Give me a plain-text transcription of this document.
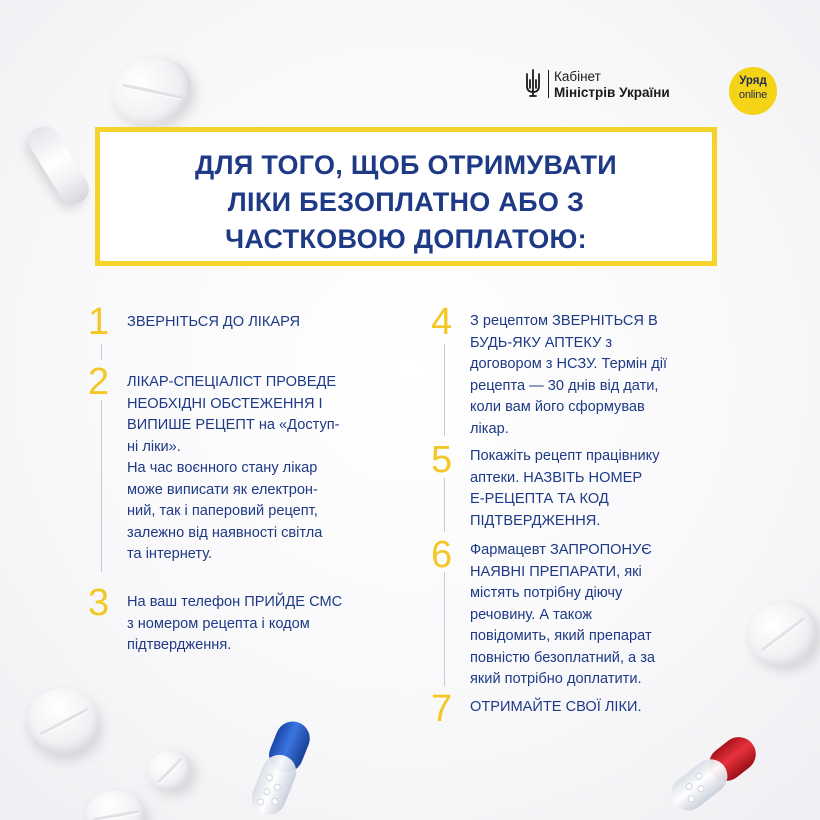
Кабінет
Міністрів України
Уряд
online
ДЛЯ ТОГО, ЩОБ ОТРИМУВАТИ
ЛІКИ БЕЗОПЛАТНО АБО З
ЧАСТКОВОЮ ДОПЛАТОЮ:
1 ЗВЕРНІТЬСЯ ДО ЛІКАРЯ
2 ЛІКАР-СПЕЦІАЛІСТ ПРОВЕДЕ
НЕОБХІДНІ ОБСТЕЖЕННЯ І
ВИПИШЕ РЕЦЕПТ на «Доступ-
ні ліки».
На час воєнного стану лікар
може виписати як електрон-
ний, так і паперовий рецепт,
залежно від наявності світла
та інтернету.
3 На ваш телефон ПРИЙДЕ СМС
з номером рецепта і кодом
підтвердження.
4 З рецептом ЗВЕРНІТЬСЯ В
БУДЬ-ЯКУ АПТЕКУ з
договором з НСЗУ. Термін дії
рецепта — 30 днів від дати,
коли вам його сформував
лікар.
5 Покажіть рецепт працівнику
аптеки. НАЗВІТЬ НОМЕР
Е-РЕЦЕПТА ТА КОД
ПІДТВЕРДЖЕННЯ.
6 Фармацевт ЗАПРОПОНУЄ
НАЯВНІ ПРЕПАРАТИ, які
містять потрібну діючу
речовину. А також
повідомить, який препарат
повністю безоплатний, а за
який потрібно доплатити.
7 ОТРИМАЙТЕ СВОЇ ЛІКИ.
